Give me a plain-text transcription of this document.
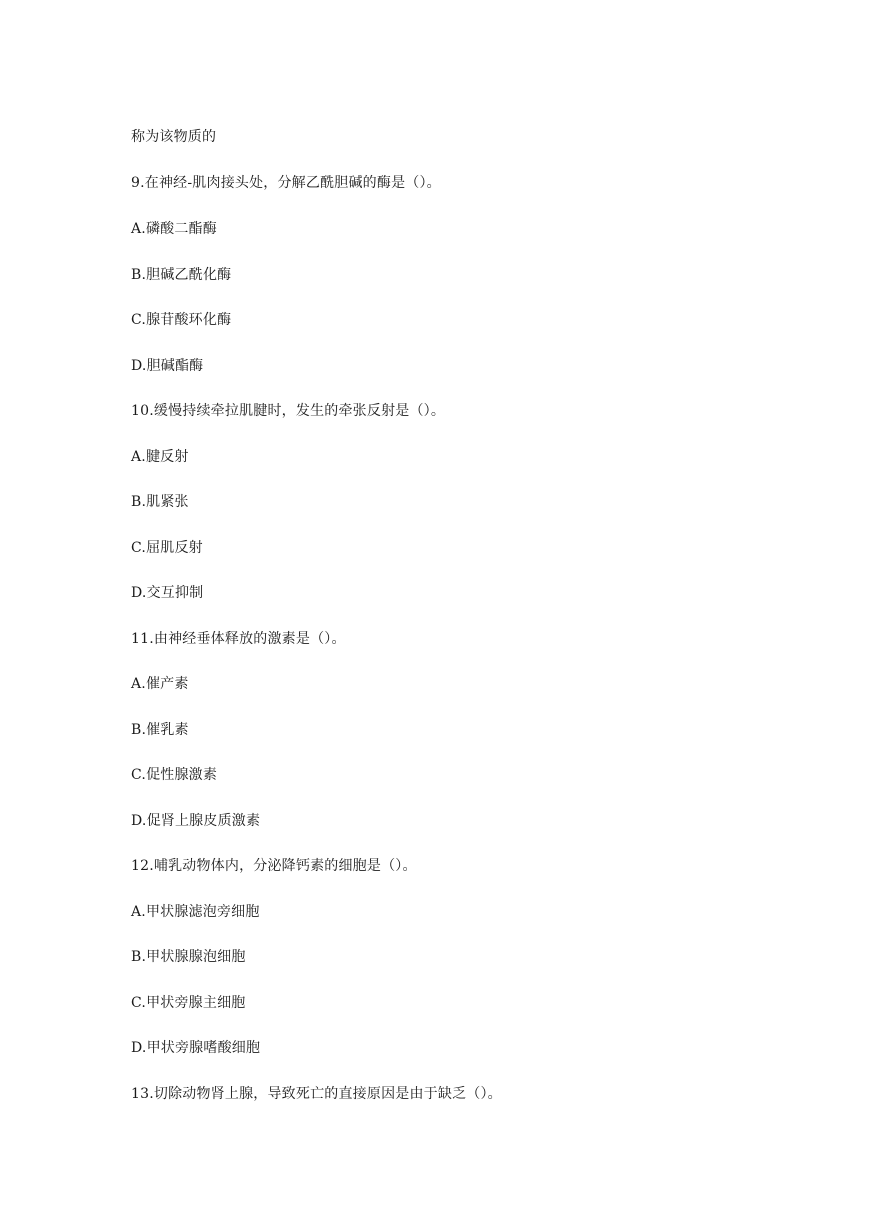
称为该物质的
9.在神经-肌肉接头处，分解乙酰胆碱的酶是（）。
A.磷酸二酯酶
B.胆碱乙酰化酶
C.腺苷酸环化酶
D.胆碱酯酶
10.缓慢持续牵拉肌腱时，发生的牵张反射是（）。
A.腱反射
B.肌紧张
C.屈肌反射
D.交互抑制
11.由神经垂体释放的激素是（）。
A.催产素
B.催乳素
C.促性腺激素
D.促肾上腺皮质激素
12.哺乳动物体内，分泌降钙素的细胞是（）。
A.甲状腺滤泡旁细胞
B.甲状腺腺泡细胞
C.甲状旁腺主细胞
D.甲状旁腺嗜酸细胞
13.切除动物肾上腺，导致死亡的直接原因是由于缺乏（）。
